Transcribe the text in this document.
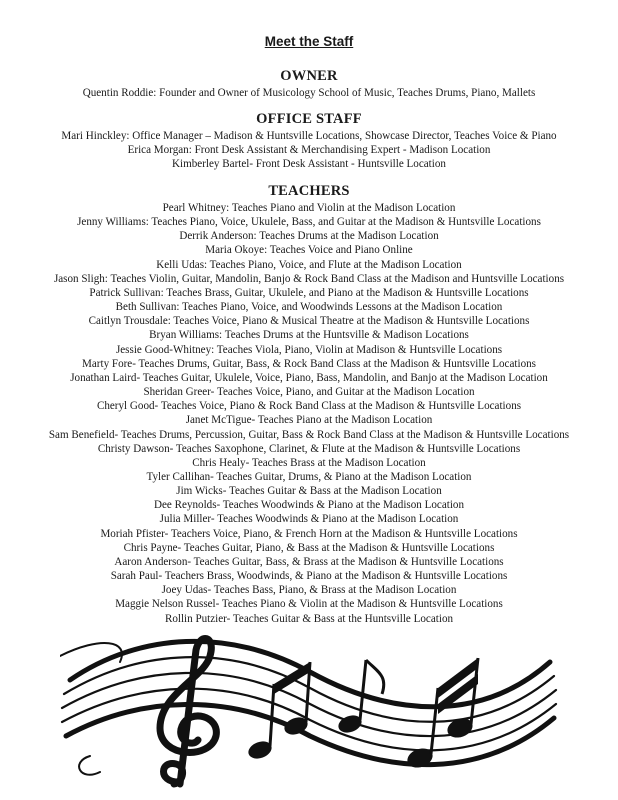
Meet the Staff
OWNER
Quentin Roddie: Founder and Owner of Musicology School of Music, Teaches Drums, Piano, Mallets
OFFICE STAFF
Mari Hinckley: Office Manager – Madison & Huntsville Locations, Showcase Director, Teaches Voice & Piano
Erica Morgan: Front Desk Assistant & Merchandising Expert - Madison Location
Kimberley Bartel- Front Desk Assistant - Huntsville Location
TEACHERS
Pearl Whitney: Teaches Piano and Violin at the Madison Location
Jenny Williams: Teaches Piano, Voice, Ukulele, Bass, and Guitar at the Madison & Huntsville Locations
Derrik Anderson: Teaches Drums at the Madison Location
Maria Okoye: Teaches Voice and Piano Online
Kelli Udas: Teaches Piano, Voice, and Flute at the Madison Location
Jason Sligh: Teaches Violin, Guitar, Mandolin, Banjo & Rock Band Class at the Madison and Huntsville Locations
Patrick Sullivan: Teaches Brass, Guitar, Ukulele, and Piano at the Madison & Huntsville Locations
Beth Sullivan: Teaches Piano, Voice, and Woodwinds Lessons at the Madison Location
Caitlyn Trousdale: Teaches Voice, Piano & Musical Theatre at the Madison & Huntsville Locations
Bryan Williams: Teaches Drums at the Huntsville & Madison Locations
Jessie Good-Whitney: Teaches Viola, Piano, Violin at Madison & Huntsville Locations
Marty Fore- Teaches Drums, Guitar, Bass, & Rock Band Class at the Madison & Huntsville Locations
Jonathan Laird- Teaches Guitar, Ukulele, Voice, Piano, Bass, Mandolin, and Banjo at the Madison Location
Sheridan Greer- Teaches Voice, Piano, and Guitar at the Madison Location
Cheryl Good- Teaches Voice, Piano & Rock Band Class at the Madison & Huntsville Locations
Janet McTigue- Teaches Piano at the Madison Location
Sam Benefield- Teaches Drums, Percussion, Guitar, Bass & Rock Band Class at the Madison & Huntsville Locations
Christy Dawson- Teaches Saxophone, Clarinet, & Flute at the Madison & Huntsville Locations
Chris Healy- Teaches Brass at the Madison Location
Tyler Callihan- Teaches Guitar, Drums, & Piano at the Madison Location
Jim Wicks- Teaches Guitar & Bass at the Madison Location
Dee Reynolds- Teaches Woodwinds & Piano at the Madison Location
Julia Miller- Teaches Woodwinds & Piano at the Madison Location
Moriah Pfister- Teachers Voice, Piano, & French Horn at the Madison & Huntsville Locations
Chris Payne- Teaches Guitar, Piano, & Bass at the Madison & Huntsville Locations
Aaron Anderson- Teaches Guitar, Bass, & Brass at the Madison & Huntsville Locations
Sarah Paul- Teachers Brass, Woodwinds, & Piano at the Madison & Huntsville Locations
Joey Udas- Teaches Bass, Piano, & Brass at the Madison Location
Maggie Nelson Russel- Teaches Piano & Violin at the Madison & Huntsville Locations
Rollin Putzier- Teaches Guitar & Bass at the Huntsville Location
